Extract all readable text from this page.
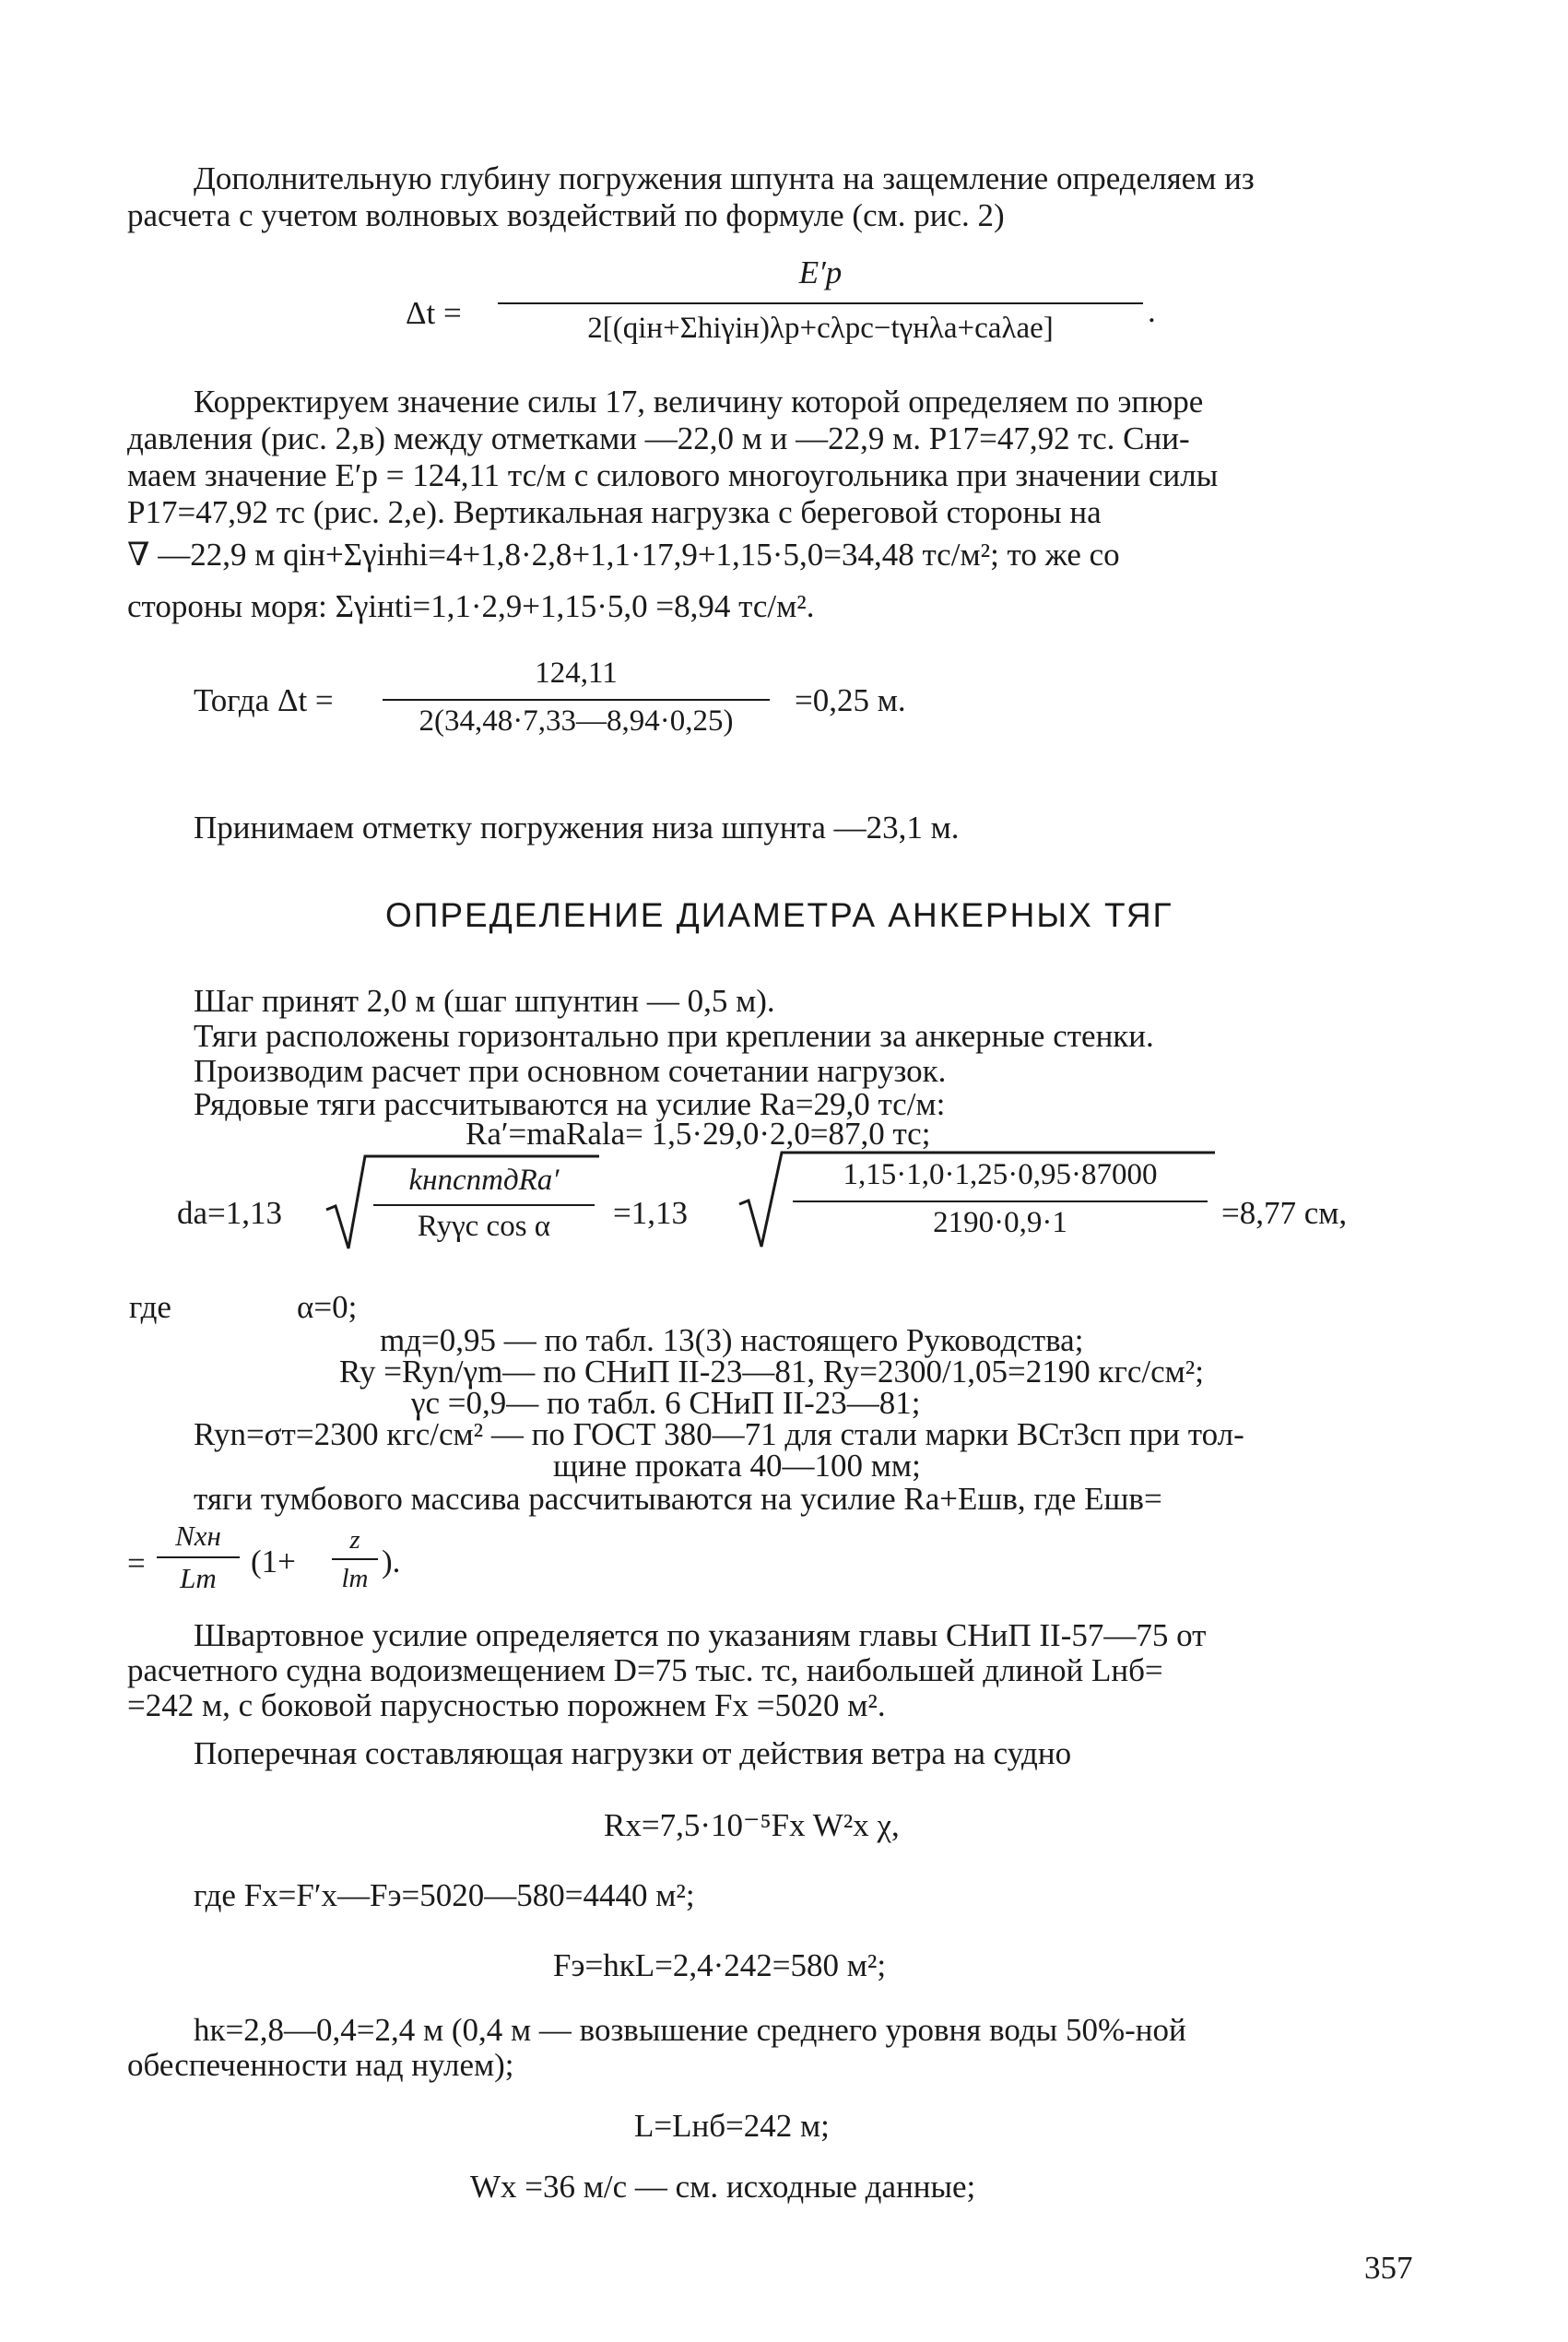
Дополнительную глубину погружения шпунта на защемление определяем из
расчета с учетом волновых воздействий по формуле (см. рис. 2)
Δt =
E′p
2[(qiн+Σhiγiн)λp+cλpc−tγнλa+caλae]	.
Корректируем значение силы 17, величину которой определяем по эпюре
давления (рис. 2,в) между отметками —22,0 м и —22,9 м. P17=47,92 тс. Сни-
маем значение E′p = 124,11 тс/м с силового многоугольника при значении силы
P17=47,92 тс (рис. 2,е). Вертикальная нагрузка с береговой стороны на
∇ —22,9 м qiн+Σγiнhi=4+1,8·2,8+1,1·17,9+1,15·5,0=34,48 тс/м²; то же со
стороны моря: Σγiнti=1,1·2,9+1,15·5,0 =8,94 тс/м².
Тогда Δt =
124,11
2(34,48·7,33—8,94·0,25)
=0,25 м.
Принимаем отметку погружения низа шпунта —23,1 м.
ОПРЕДЕЛЕНИЕ ДИАМЕТРА АНКЕРНЫХ ТЯГ
Шаг принят 2,0 м (шаг шпунтин — 0,5 м).
Тяги расположены горизонтально при креплении за анкерные стенки.
Производим расчет при основном сочетании нагрузок.
Рядовые тяги рассчитываются на усилие Rа=29,0 тс/м:
Rа′=mаRаlа= 1,5·29,0·2,0=87,0 тс;
dа=1,13
kнncnmдRа′
Ryγc cos α	=1,13
1,15·1,0·1,25·0,95·87000
2190·0,9·1	=8,77 см,
где	α=0;
mд=0,95 — по табл. 13(3) настоящего Руководства;
Ry =Ryn/γm— по СНиП II-23—81, Ry=2300/1,05=2190 кгс/см²;
γc =0,9— по табл. 6 СНиП II-23—81;
Ryn=σт=2300 кгс/см² — по ГОСТ 380—71 для стали марки ВСт3сп при тол-
щине проката 40—100 мм;
тяги тумбового массива рассчитываются на усилие Rа+Eшв, где Eшв=
=
Nxн
Lт	(1+
z
lт ).
Швартовное усилие определяется по указаниям главы СНиП II-57—75 от
расчетного судна водоизмещением D=75 тыс. тс, наибольшей длиной Lнб=
=242 м, с боковой парусностью порожнем Fx =5020 м².
Поперечная составляющая нагрузки от действия ветра на судно
Rx=7,5·10⁻⁵Fx W²x χ,
где Fx=F′x—Fэ=5020—580=4440 м²;
Fэ=hкL=2,4·242=580 м²;
hк=2,8—0,4=2,4 м (0,4 м — возвышение среднего уровня воды 50%-ной
обеспеченности над нулем);
L=Lнб=242 м;
Wx =36 м/с — см. исходные данные;
357
